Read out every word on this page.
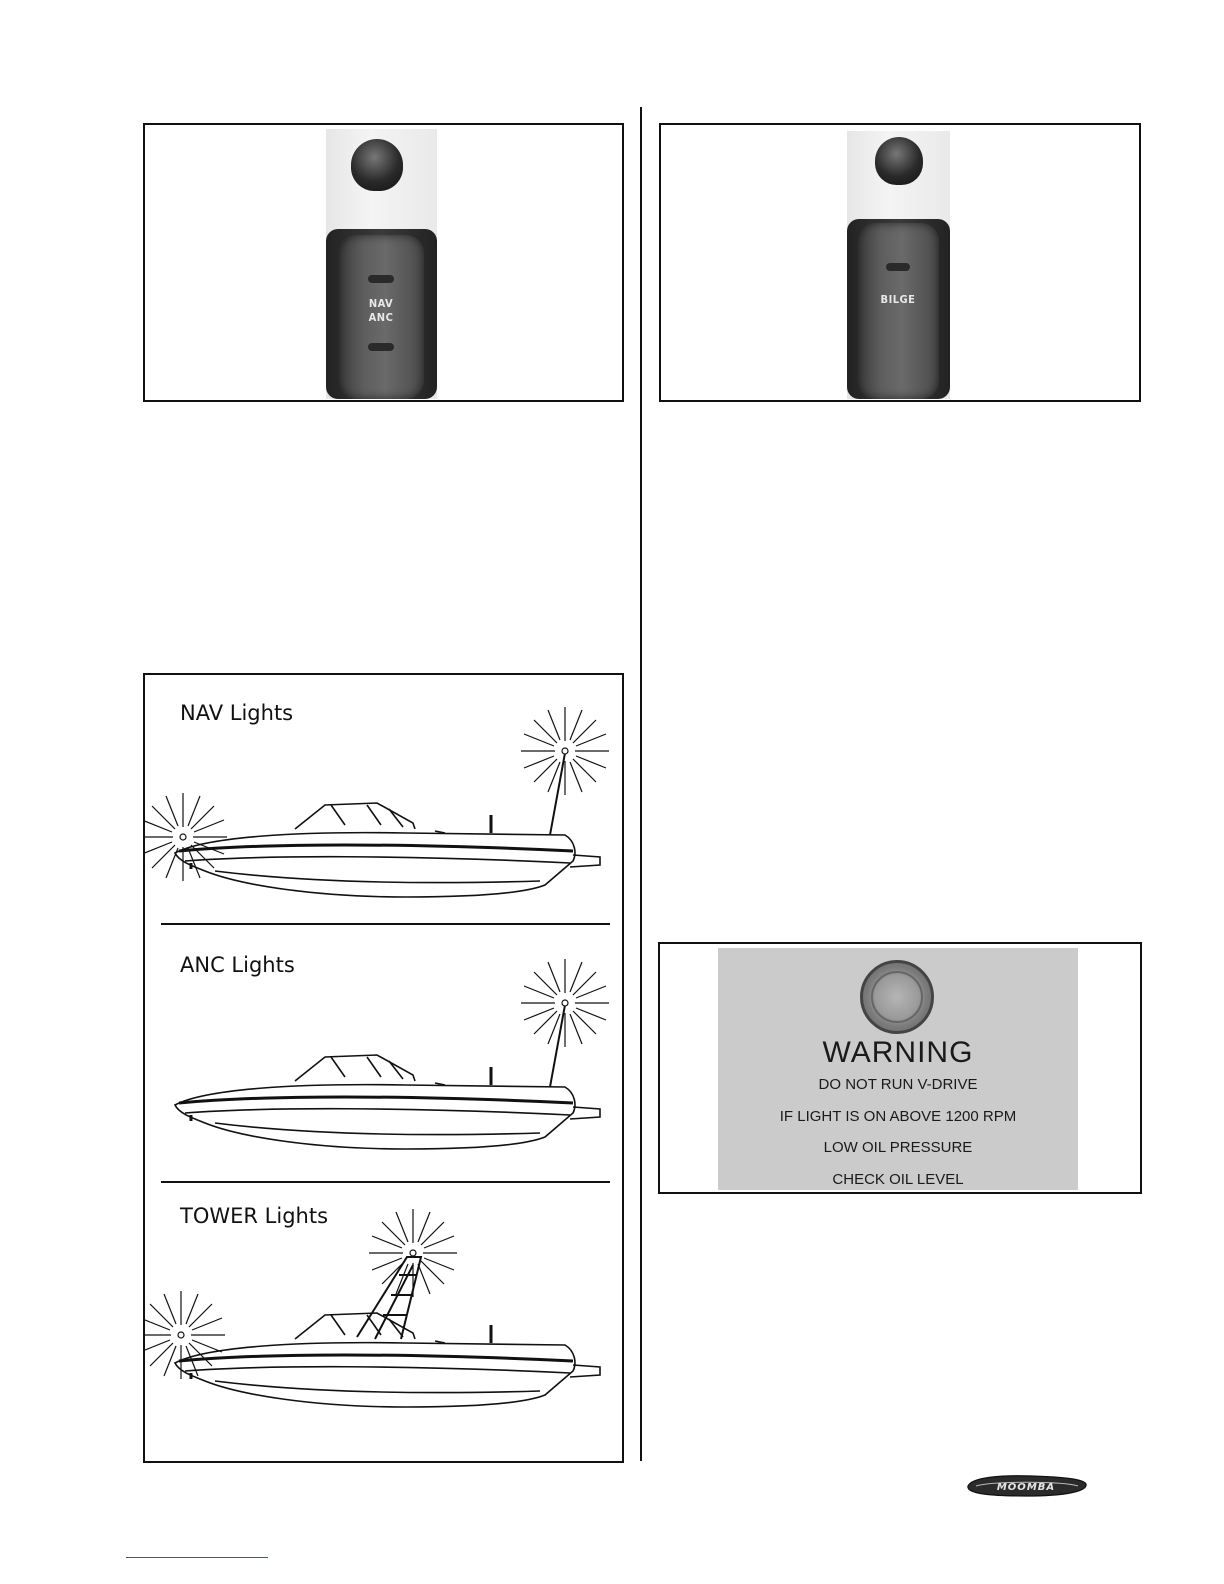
NAV
ANC
BILGE
NAV Lights
ANC Lights
TOWER Lights
WARNING
DO NOT RUN V-DRIVE
IF LIGHT IS ON ABOVE 1200 RPM
LOW OIL PRESSURE
CHECK OIL LEVEL
MOOMBA
